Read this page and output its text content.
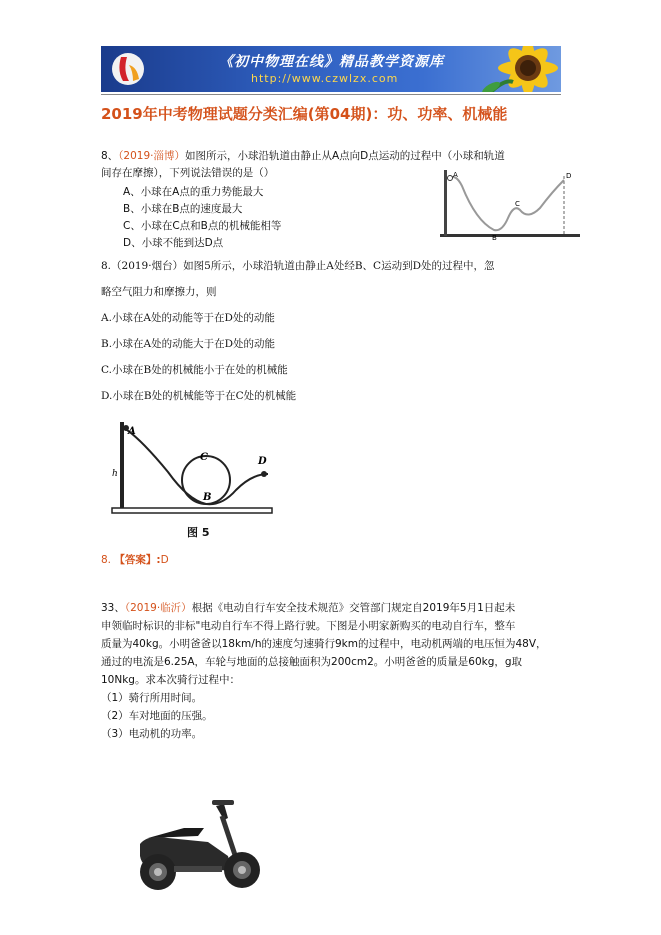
《初中物理在线》精品教学资源库
http://www.czwlzx.com
2019年中考物理试题分类汇编(第04期)：功、功率、机械能
8、（2019·淄博）如图所示，小球沿轨道由静止从A点向D点运动的过程中（小球和轨道
间存在摩擦），下列说法错误的是（）
A、小球在A点的重力势能最大
B、小球在B点的速度最大
C、小球在C点和B点的机械能相等
D、小球不能到达D点
A
B
C
D
8.（2019·烟台）如图5所示，小球沿轨道由静止A处经B、C运动到D处的过程中，忽
略空气阻力和摩擦力，则
A.小球在A处的动能等于在D处的动能
B.小球在A处的动能大于在D处的动能
C.小球在B处的机械能小于在处的机械能
D.小球在B处的机械能等于在C处的机械能
A
h
C
B
D
图 5
8. 【答案】:D
33、（2019·临沂）根据《电动自行车安全技术规范》交管部门规定自2019年5月1日起未
申领临时标识的非标"电动自行车不得上路行驶。下图是小明家新购买的电动自行车，整车
质量为40kg。小明爸爸以18km/h的速度匀速骑行9km的过程中，电动机两端的电压恒为48V，
通过的电流是6.25A，车轮与地面的总接触面积为200cm2。小明爸爸的质量是60kg，g取
10Nkg。求本次骑行过程中：
（1）骑行所用时间。
（2）车对地面的压强。
（3）电动机的功率。
